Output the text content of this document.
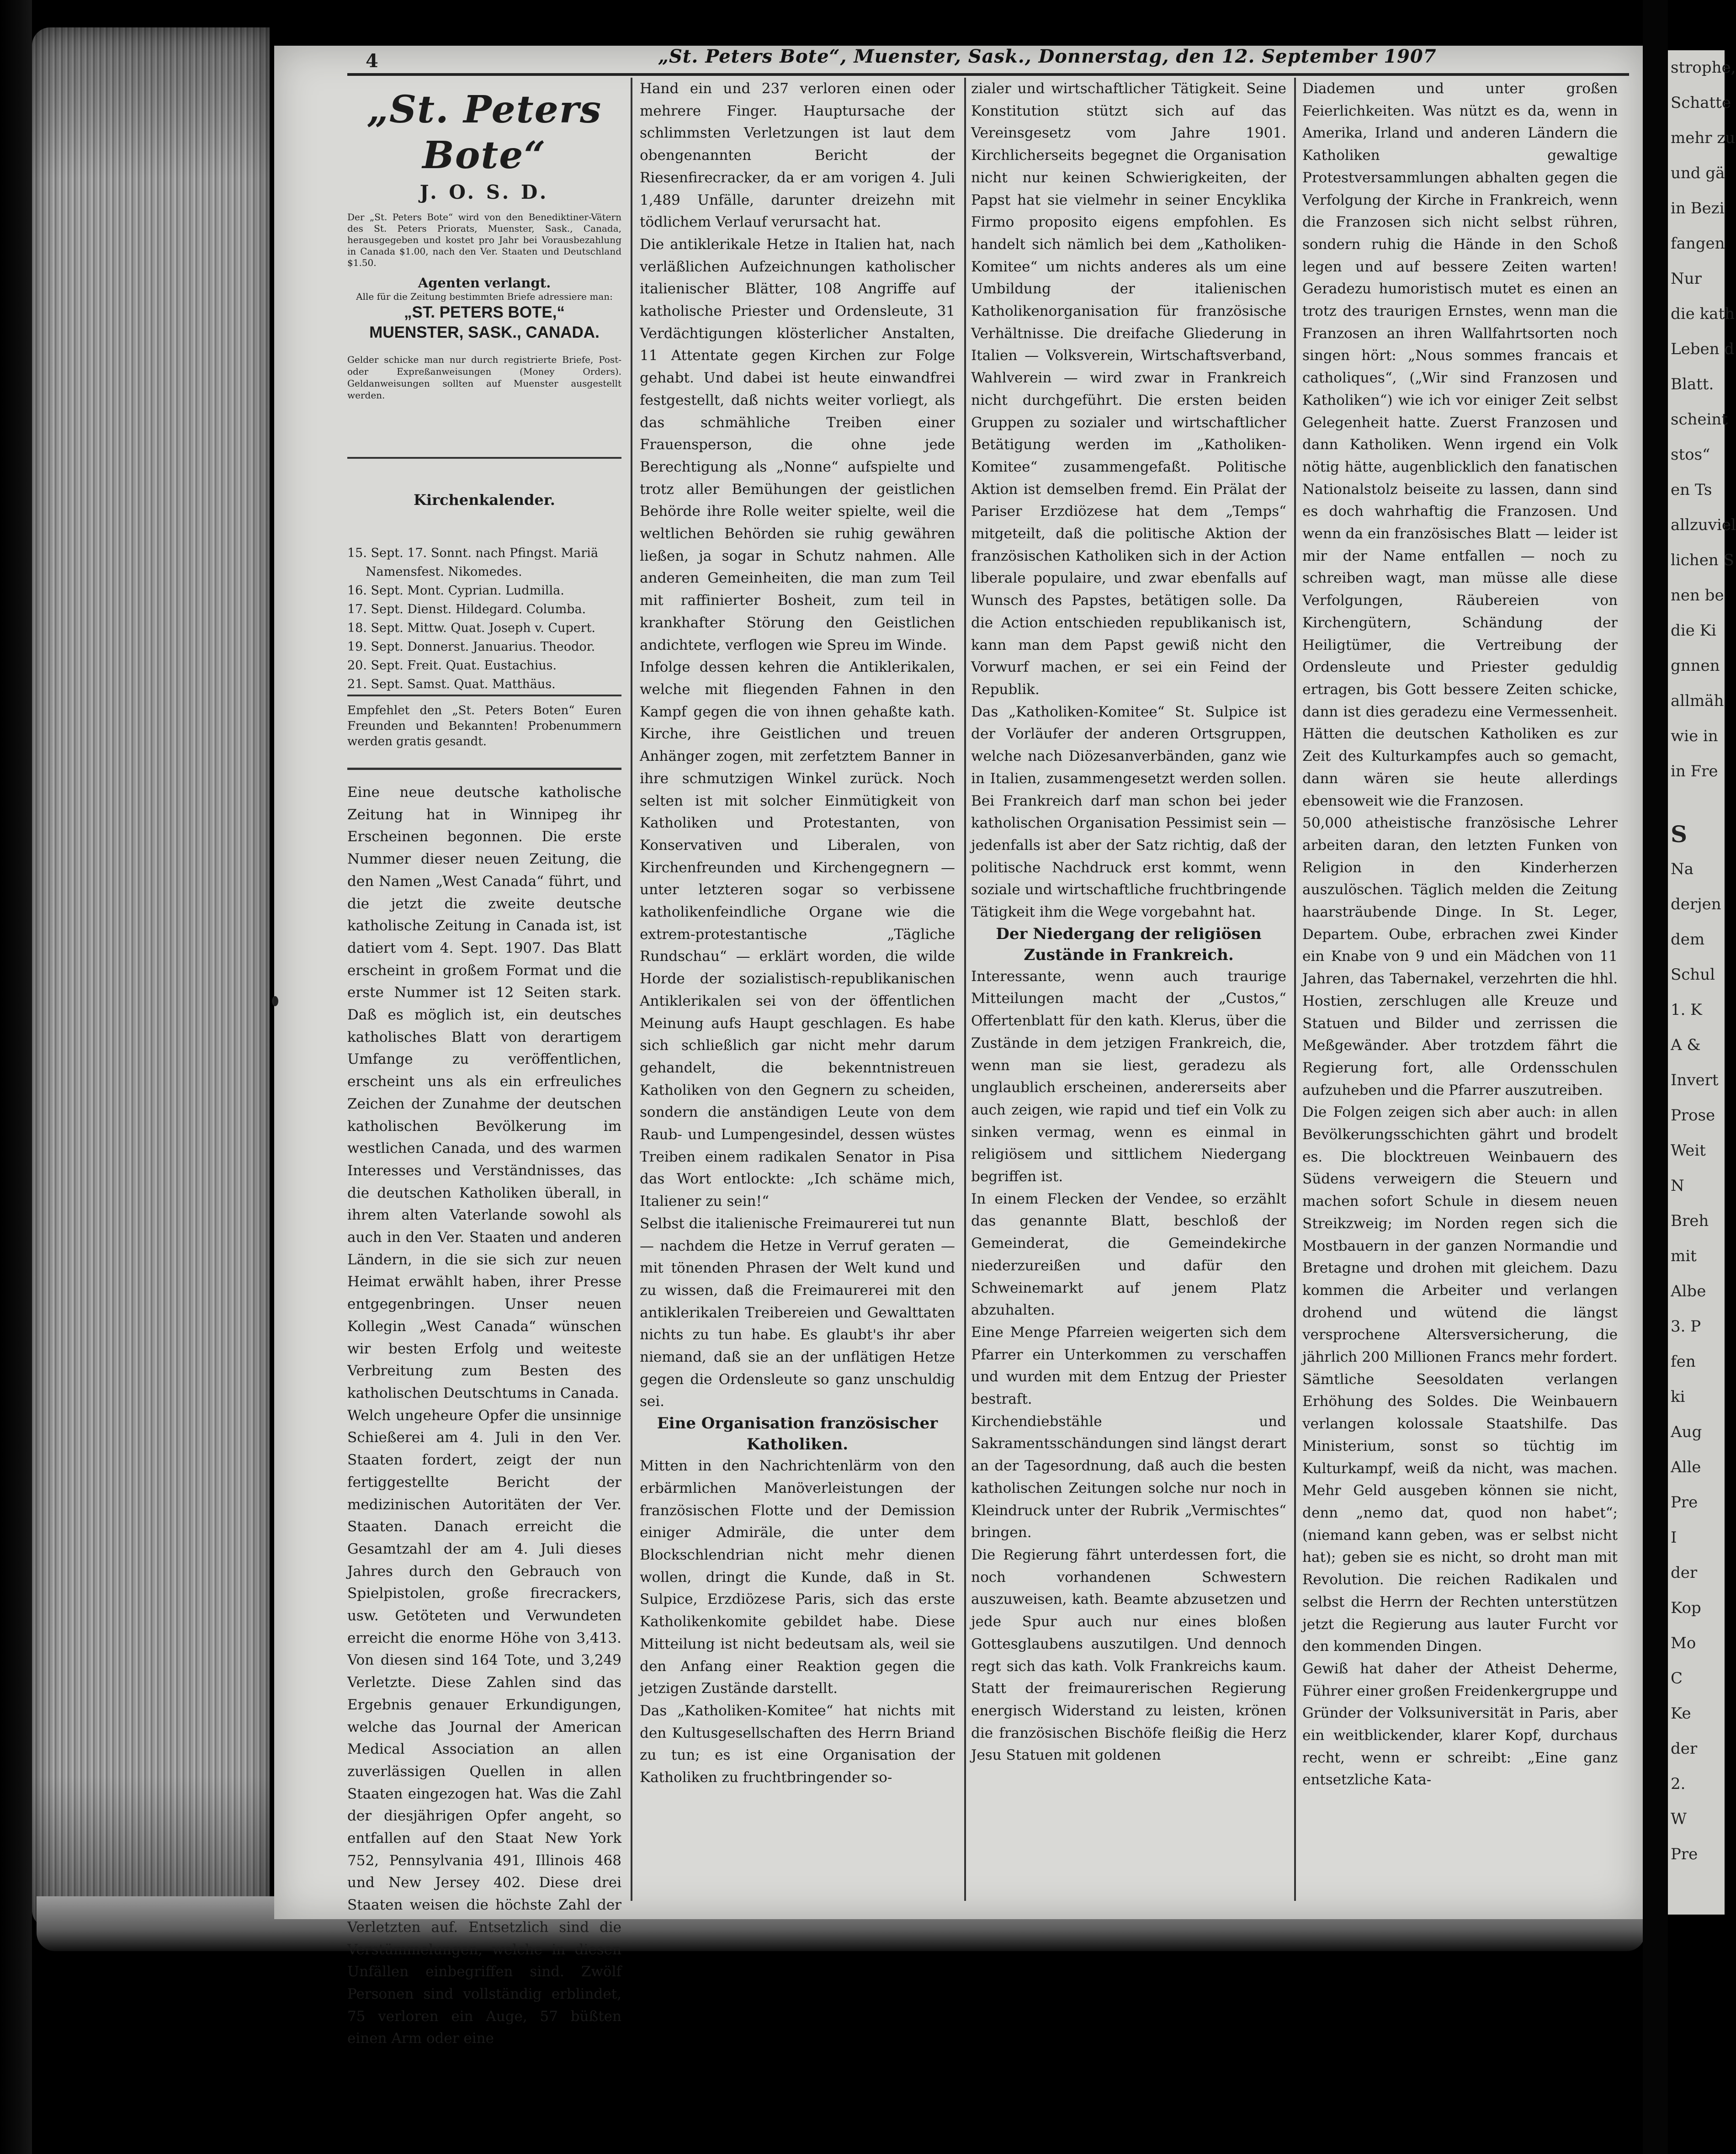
4	„St. Peters Bote“, Muenster, Sask., Donnerstag, den 12. September 1907
„St. Peters Bote“
J. O. S. D.
Der „St. Peters Bote“ wird von den Benediktiner-Vätern des St. Peters Priorats, Muenster, Sask., Canada, herausgegeben und kostet pro Jahr bei Vorausbezahlung in Canada $1.00, nach den Ver. Staaten und Deutschland $1.50.
Agenten verlangt.
Alle für die Zeitung bestimmten Briefe adressiere man:
„ST. PETERS BOTE,“
MUENSTER, SASK., CANADA.
Gelder schicke man nur durch registrierte Briefe, Post- oder Expreßanweisungen (Money Orders). Geldanweisungen sollten auf Muenster ausgestellt werden.
Kirchenkalender.
15. Sept. 17. Sonnt. nach Pfingst. Mariä
Namensfest. Nikomedes.
16. Sept. Mont. Cyprian. Ludmilla.
17. Sept. Dienst. Hildegard. Columba.
18. Sept. Mittw. Quat. Joseph v. Cupert.
19. Sept. Donnerst. Januarius. Theodor.
20. Sept. Freit. Quat. Eustachius.
21. Sept. Samst. Quat. Matthäus.
Empfehlet den „St. Peters Boten“ Euren Freunden und Bekannten! Probenummern werden gratis gesandt.

Eine neue deutsche katholische Zeitung hat in Winnipeg ihr Erscheinen begonnen. Die erste Nummer dieser neuen Zeitung, die den Namen „West Canada“ führt, und die jetzt die zweite deutsche katholische Zeitung in Canada ist, ist datiert vom 4. Sept. 1907. Das Blatt erscheint in großem Format und die erste Nummer ist 12 Seiten stark. Daß es möglich ist, ein deutsches katholisches Blatt von derartigem Umfange zu veröffentlichen, erscheint uns als ein erfreuliches Zeichen der Zunahme der deutschen katholischen Bevölkerung im westlichen Canada, und des warmen Interesses und Verständnisses, das die deutschen Katholiken überall, in ihrem alten Vaterlande sowohl als auch in den Ver. Staaten und anderen Ländern, in die sie sich zur neuen Heimat erwählt haben, ihrer Presse entgegenbringen. Unser neuen Kollegin „West Canada“ wünschen wir besten Erfolg und weiteste Verbreitung zum Besten des katholischen Deutschtums in Canada.

Welch ungeheure Opfer die unsinnige Schießerei am 4. Juli in den Ver. Staaten fordert, zeigt der nun fertiggestellte Bericht der medizinischen Autoritäten der Ver. Staaten. Danach erreicht die Gesamtzahl der am 4. Juli dieses Jahres durch den Gebrauch von Spielpistolen, große firecrackers, usw. Getöteten und Verwundeten erreicht die enorme Höhe von 3,413. Von diesen sind 164 Tote, und 3,249 Verletzte. Diese Zahlen sind das Ergebnis genauer Erkundigungen, welche das Journal der American Medical Association an allen zuverlässigen Quellen in allen Staaten eingezogen hat. Was die Zahl der diesjährigen Opfer angeht, so entfallen auf den Staat New York 752, Pennsylvania 491, Illinois 468 und New Jersey 402. Diese drei Staaten weisen die höchste Zahl der Verletzten auf. Entsetzlich sind die Verstümmelungen, welche in diesen Unfällen einbegriffen sind. Zwölf Personen sind vollständig erblindet, 75 verloren ein Auge, 57 büßten einen Arm oder eine

Hand ein und 237 verloren einen oder mehrere Finger. Hauptursache der schlimmsten Verletzungen ist laut dem obengenannten Bericht der Riesenfirecracker, da er am vorigen 4. Juli 1,489 Unfälle, darunter dreizehn mit tödlichem Verlauf verursacht hat.

Die antiklerikale Hetze in Italien hat, nach verläßlichen Aufzeichnungen katholischer italienischer Blätter, 108 Angriffe auf katholische Priester und Ordensleute, 31 Verdächtigungen klösterlicher Anstalten, 11 Attentate gegen Kirchen zur Folge gehabt. Und dabei ist heute einwandfrei festgestellt, daß nichts weiter vorliegt, als das schmähliche Treiben einer Frauensperson, die ohne jede Berechtigung als „Nonne“ aufspielte und trotz aller Bemühungen der geistlichen Behörde ihre Rolle weiter spielte, weil die weltlichen Behörden sie ruhig gewähren ließen, ja sogar in Schutz nahmen. Alle anderen Gemeinheiten, die man zum Teil mit raffinierter Bosheit, zum teil in krankhafter Störung den Geistlichen andichtete, verflogen wie Spreu im Winde.

Infolge dessen kehren die Antiklerikalen, welche mit fliegenden Fahnen in den Kampf gegen die von ihnen gehaßte kath. Kirche, ihre Geistlichen und treuen Anhänger zogen, mit zerfetztem Banner in ihre schmutzigen Winkel zurück. Noch selten ist mit solcher Einmütigkeit von Katholiken und Protestanten, von Konservativen und Liberalen, von Kirchenfreunden und Kirchengegnern — unter letzteren sogar so verbissene katholikenfeindliche Organe wie die extrem-protestantische „Tägliche Rundschau“ — erklärt worden, die wilde Horde der sozialistisch-republikanischen Antiklerikalen sei von der öffentlichen Meinung aufs Haupt geschlagen. Es habe sich schließlich gar nicht mehr darum gehandelt, die bekenntnistreuen Katholiken von den Gegnern zu scheiden, sondern die anständigen Leute von dem Raub- und Lumpengesindel, dessen wüstes Treiben einem radikalen Senator in Pisa das Wort entlockte: „Ich schäme mich, Italiener zu sein!“

Selbst die italienische Freimaurerei tut nun — nachdem die Hetze in Verruf geraten — mit tönenden Phrasen der Welt kund und zu wissen, daß die Freimaurerei mit den antiklerikalen Treibereien und Gewalttaten nichts zu tun habe. Es glaubt's ihr aber niemand, daß sie an der unflätigen Hetze gegen die Ordensleute so ganz unschuldig sei.

Eine Organisation französischer Katholiken.

Mitten in den Nachrichtenlärm von den erbärmlichen Manöverleistungen der französischen Flotte und der Demission einiger Admiräle, die unter dem Blockschlendrian nicht mehr dienen wollen, dringt die Kunde, daß in St. Sulpice, Erzdiözese Paris, sich das erste Katholikenkomite gebildet habe. Diese Mitteilung ist nicht bedeutsam als, weil sie den Anfang einer Reaktion gegen die jetzigen Zustände darstellt.

Das „Katholiken-Komitee“ hat nichts mit den Kultusgesellschaften des Herrn Briand zu tun; es ist eine Organisation der Katholiken zu fruchtbringender so-

zialer und wirtschaftlicher Tätigkeit. Seine Konstitution stützt sich auf das Vereinsgesetz vom Jahre 1901. Kirchlicherseits begegnet die Organisation nicht nur keinen Schwierigkeiten, der Papst hat sie vielmehr in seiner Encyklika Firmo proposito eigens empfohlen. Es handelt sich nämlich bei dem „Katholiken-Komitee“ um nichts anderes als um eine Umbildung der italienischen Katholikenorganisation für französische Verhältnisse. Die dreifache Gliederung in Italien — Volksverein, Wirtschaftsverband, Wahlverein — wird zwar in Frankreich nicht durchgeführt. Die ersten beiden Gruppen zu sozialer und wirtschaftlicher Betätigung werden im „Katholiken-Komitee“ zusammengefaßt. Politische Aktion ist demselben fremd. Ein Prälat der Pariser Erzdiözese hat dem „Temps“ mitgeteilt, daß die politische Aktion der französischen Katholiken sich in der Action liberale populaire, und zwar ebenfalls auf Wunsch des Papstes, betätigen solle. Da die Action entschieden republikanisch ist, kann man dem Papst gewiß nicht den Vorwurf machen, er sei ein Feind der Republik.

Das „Katholiken-Komitee“ St. Sulpice ist der Vorläufer der anderen Ortsgruppen, welche nach Diözesanverbänden, ganz wie in Italien, zusammengesetzt werden sollen. Bei Frankreich darf man schon bei jeder katholischen Organisation Pessimist sein — jedenfalls ist aber der Satz richtig, daß der politische Nachdruck erst kommt, wenn soziale und wirtschaftliche fruchtbringende Tätigkeit ihm die Wege vorgebahnt hat.

Der Niedergang der religiösen Zustände in Frankreich.

Interessante, wenn auch traurige Mitteilungen macht der „Custos,“ Offertenblatt für den kath. Klerus, über die Zustände in dem jetzigen Frankreich, die, wenn man sie liest, geradezu als unglaublich erscheinen, andererseits aber auch zeigen, wie rapid und tief ein Volk zu sinken vermag, wenn es einmal in religiösem und sittlichem Niedergang begriffen ist.

In einem Flecken der Vendee, so erzählt das genannte Blatt, beschloß der Gemeinderat, die Gemeindekirche niederzureißen und dafür den Schweinemarkt auf jenem Platz abzuhalten.

Eine Menge Pfarreien weigerten sich dem Pfarrer ein Unterkommen zu verschaffen und wurden mit dem Entzug der Priester bestraft.

Kirchendiebstähle und Sakramentsschändungen sind längst derart an der Tagesordnung, daß auch die besten katholischen Zeitungen solche nur noch in Kleindruck unter der Rubrik „Vermischtes“ bringen.

Die Regierung fährt unterdessen fort, die noch vorhandenen Schwestern auszuweisen, kath. Beamte abzusetzen und jede Spur auch nur eines bloßen Gottesglaubens auszutilgen. Und dennoch regt sich das kath. Volk Frankreichs kaum. Statt der freimaurerischen Regierung energisch Widerstand zu leisten, krönen die französischen Bischöfe fleißig die Herz Jesu Statuen mit goldenen

Diademen und unter großen Feierlichkeiten. Was nützt es da, wenn in Amerika, Irland und anderen Ländern die Katholiken gewaltige Protestversammlungen abhalten gegen die Verfolgung der Kirche in Frankreich, wenn die Franzosen sich nicht selbst rühren, sondern ruhig die Hände in den Schoß legen und auf bessere Zeiten warten! Geradezu humoristisch mutet es einen an trotz des traurigen Ernstes, wenn man die Franzosen an ihren Wallfahrtsorten noch singen hört: „Nous sommes francais et catholiques“, („Wir sind Franzosen und Katholiken“) wie ich vor einiger Zeit selbst Gelegenheit hatte. Zuerst Franzosen und dann Katholiken. Wenn irgend ein Volk nötig hätte, augenblicklich den fanatischen Nationalstolz beiseite zu lassen, dann sind es doch wahrhaftig die Franzosen. Und wenn da ein französisches Blatt — leider ist mir der Name entfallen — noch zu schreiben wagt, man müsse alle diese Verfolgungen, Räubereien von Kirchengütern, Schändung der Heiligtümer, die Vertreibung der Ordensleute und Priester geduldig ertragen, bis Gott bessere Zeiten schicke, dann ist dies geradezu eine Vermessenheit. Hätten die deutschen Katholiken es zur Zeit des Kulturkampfes auch so gemacht, dann wären sie heute allerdings ebensoweit wie die Franzosen.

50,000 atheistische französische Lehrer arbeiten daran, den letzten Funken von Religion in den Kinderherzen auszulöschen. Täglich melden die Zeitung haarsträubende Dinge. In St. Leger, Departem. Oube, erbrachen zwei Kinder ein Knabe von 9 und ein Mädchen von 11 Jahren, das Tabernakel, verzehrten die hhl. Hostien, zerschlugen alle Kreuze und Statuen und Bilder und zerrissen die Meßgewänder. Aber trotzdem fährt die Regierung fort, alle Ordensschulen aufzuheben und die Pfarrer auszutreiben.

Die Folgen zeigen sich aber auch: in allen Bevölkerungsschichten gährt und brodelt es. Die blocktreuen Weinbauern des Südens verweigern die Steuern und machen sofort Schule in diesem neuen Streikzweig; im Norden regen sich die Mostbauern in der ganzen Normandie und Bretagne und drohen mit gleichem. Dazu kommen die Arbeiter und verlangen drohend und wütend die längst versprochene Altersversicherung, die jährlich 200 Millionen Francs mehr fordert. Sämtliche Seesoldaten verlangen Erhöhung des Soldes. Die Weinbauern verlangen kolossale Staatshilfe. Das Ministerium, sonst so tüchtig im Kulturkampf, weiß da nicht, was machen. Mehr Geld ausgeben können sie nicht, denn „nemo dat, quod non habet“; (niemand kann geben, was er selbst nicht hat); geben sie es nicht, so droht man mit Revolution. Die reichen Radikalen und selbst die Herrn der Rechten unterstützen jetzt die Regierung aus lauter Furcht vor den kommenden Dingen.

Gewiß hat daher der Atheist Deherme, Führer einer großen Freidenkergruppe und Gründer der Volksuniversität in Paris, aber ein weitblickender, klarer Kopf, durchaus recht, wenn er schreibt: „Eine ganz entsetzliche Kata-

strophe,
Schatte
mehr zu
und gä
in Bezi
fangen
Nur
die kath
Leben d
Blatt.
scheint
stos“
en Ts
allzuviel
lichen S
nen be
die Ki
gnnen
allmäh
wie in
in Fre
S
Na
derjen
dem
Schul
1. K
A &
Invert
Prose
Weit
N
Breh
mit
Albe
3. P
fen
ki
Aug
Alle
Pre
I
der
Kop
Mo
C
Ke
der
2.
W
Pre
